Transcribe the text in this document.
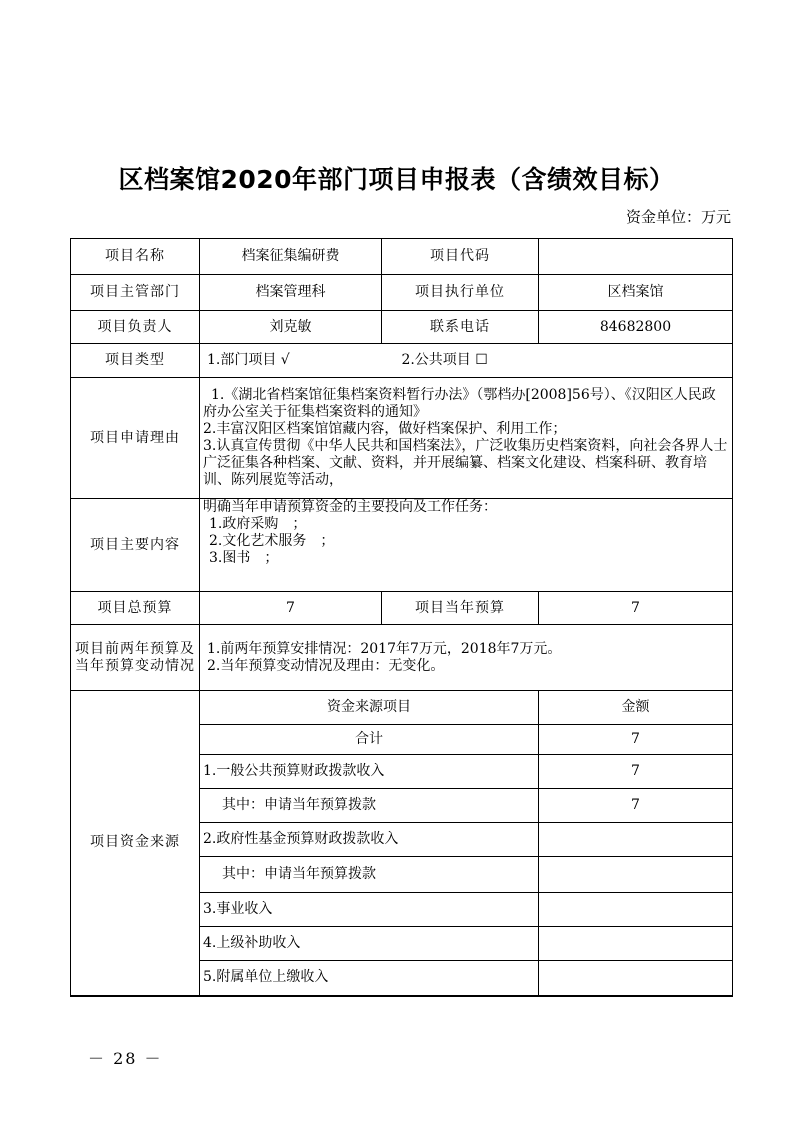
区档案馆2020年部门项目申报表（含绩效目标）
资金单位：万元
项目名称	档案征集编研费	项目代码	
项目主管部门	档案管理科	项目执行单位	区档案馆
项目负责人	刘克敏	联系电话	84682800
项目类型	1.部门项目 √ 2.公共项目 ☐		
项目申请理由	1.《湖北省档案馆征集档案资料暂行办法》（鄂档办[2008]56号）、《汉阳区人民政府办公室关于征集档案资料的通知》
2.丰富汉阳区档案馆馆藏内容，做好档案保护、利用工作；
3.认真宣传贯彻《中华人民共和国档案法》，广泛收集历史档案资料，向社会各界人士广泛征集各种档案、文献、资料，并开展编纂、档案文化建设、档案科研、教育培训、陈列展览等活动，		

项目主要内容	明确当年申请预算资金的主要投向及工作任务：
1.政府采购　；
2.文化艺术服务　；
3.图书　；		

项目总预算	7	项目当年预算	7
项目前两年预算及当年预算变动情况	1.前两年预算安排情况：2017年7万元，2018年7万元。
2.当年预算变动情况及理由：无变化。		

项目资金来源	资金来源项目		金额
	合计		7
	1.一般公共预算财政拨款收入		7
	　其中：申请当年预算拨款		7
	2.政府性基金预算财政拨款收入		
	　其中：申请当年预算拨款		
	3.事业收入		
	4.上级补助收入		
	5.附属单位上缴收入		
－ 28 －
